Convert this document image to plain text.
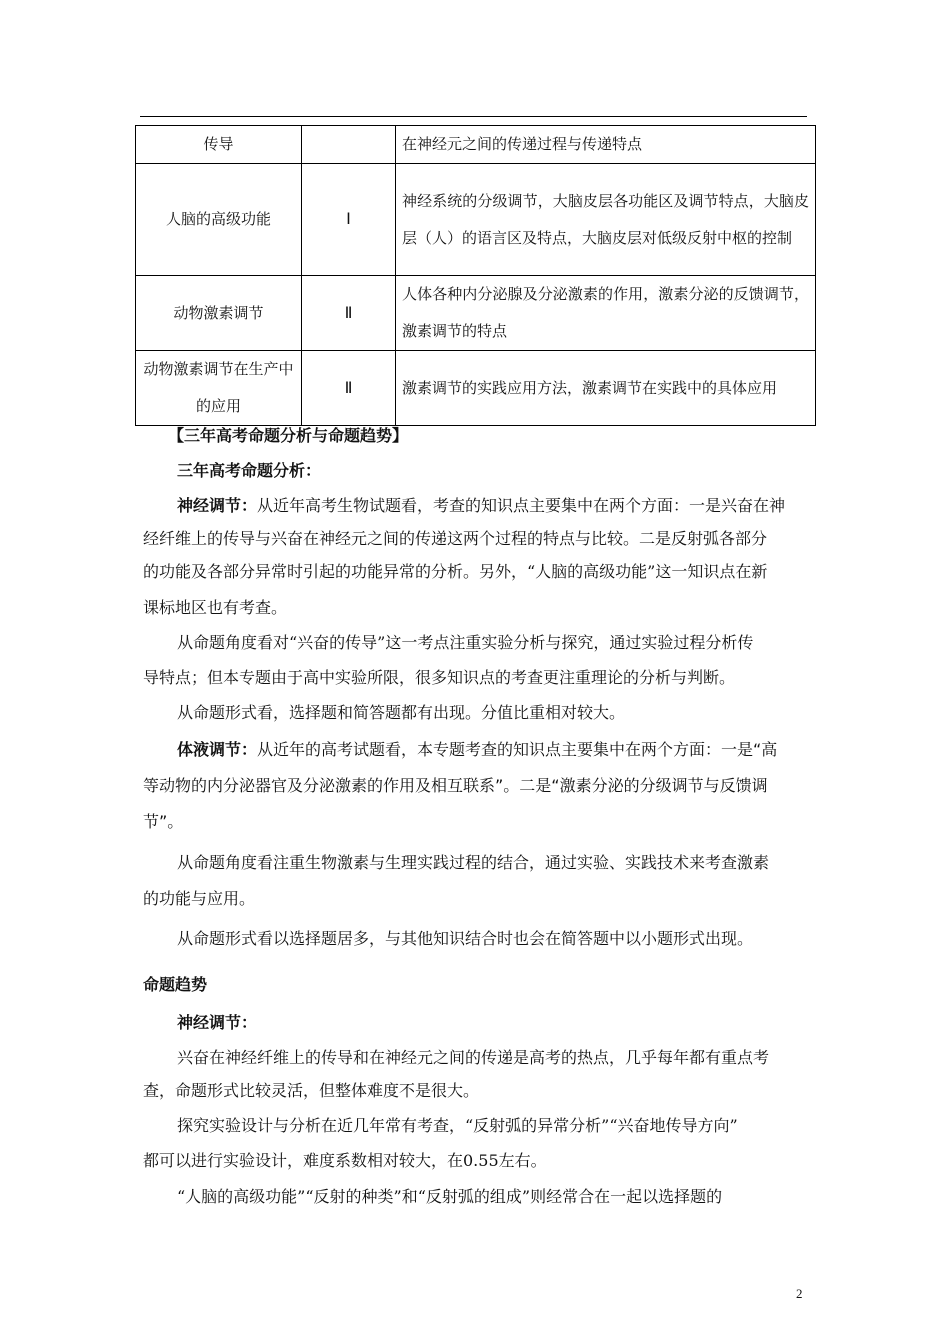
传导		在神经元之间的传递过程与传递特点
人脑的高级功能	Ⅰ	神经系统的分级调节，大脑皮层各功能区及调节特点，大脑皮层（人）的语言区及特点，大脑皮层对低级反射中枢的控制
动物激素调节	Ⅱ	人体各种内分泌腺及分泌激素的作用，激素分泌的反馈调节，激素调节的特点
动物激素调节在生产中的应用	Ⅱ	激素调节的实践应用方法，激素调节在实践中的具体应用
【三年高考命题分析与命题趋势】
三年高考命题分析：
神经调节：从近年高考生物试题看，考查的知识点主要集中在两个方面：一是兴奋在神
经纤维上的传导与兴奋在神经元之间的传递这两个过程的特点与比较。二是反射弧各部分
的功能及各部分异常时引起的功能异常的分析。另外，“人脑的高级功能”这一知识点在新
课标地区也有考查。
从命题角度看对“兴奋的传导”这一考点注重实验分析与探究，通过实验过程分析传
导特点；但本专题由于高中实验所限，很多知识点的考查更注重理论的分析与判断。
从命题形式看，选择题和简答题都有出现。分值比重相对较大。
体液调节：从近年的高考试题看，本专题考查的知识点主要集中在两个方面：一是“高
等动物的内分泌器官及分泌激素的作用及相互联系”。二是“激素分泌的分级调节与反馈调
节”。
从命题角度看注重生物激素与生理实践过程的结合，通过实验、实践技术来考查激素
的功能与应用。
从命题形式看以选择题居多，与其他知识结合时也会在简答题中以小题形式出现。
命题趋势
神经调节：
兴奋在神经纤维上的传导和在神经元之间的传递是高考的热点，几乎每年都有重点考
查，命题形式比较灵活，但整体难度不是很大。
探究实验设计与分析在近几年常有考查，“反射弧的异常分析”“兴奋地传导方向”
都可以进行实验设计，难度系数相对较大，在0.55左右。
“人脑的高级功能”“反射的种类”和“反射弧的组成”则经常合在一起以选择题的
2
